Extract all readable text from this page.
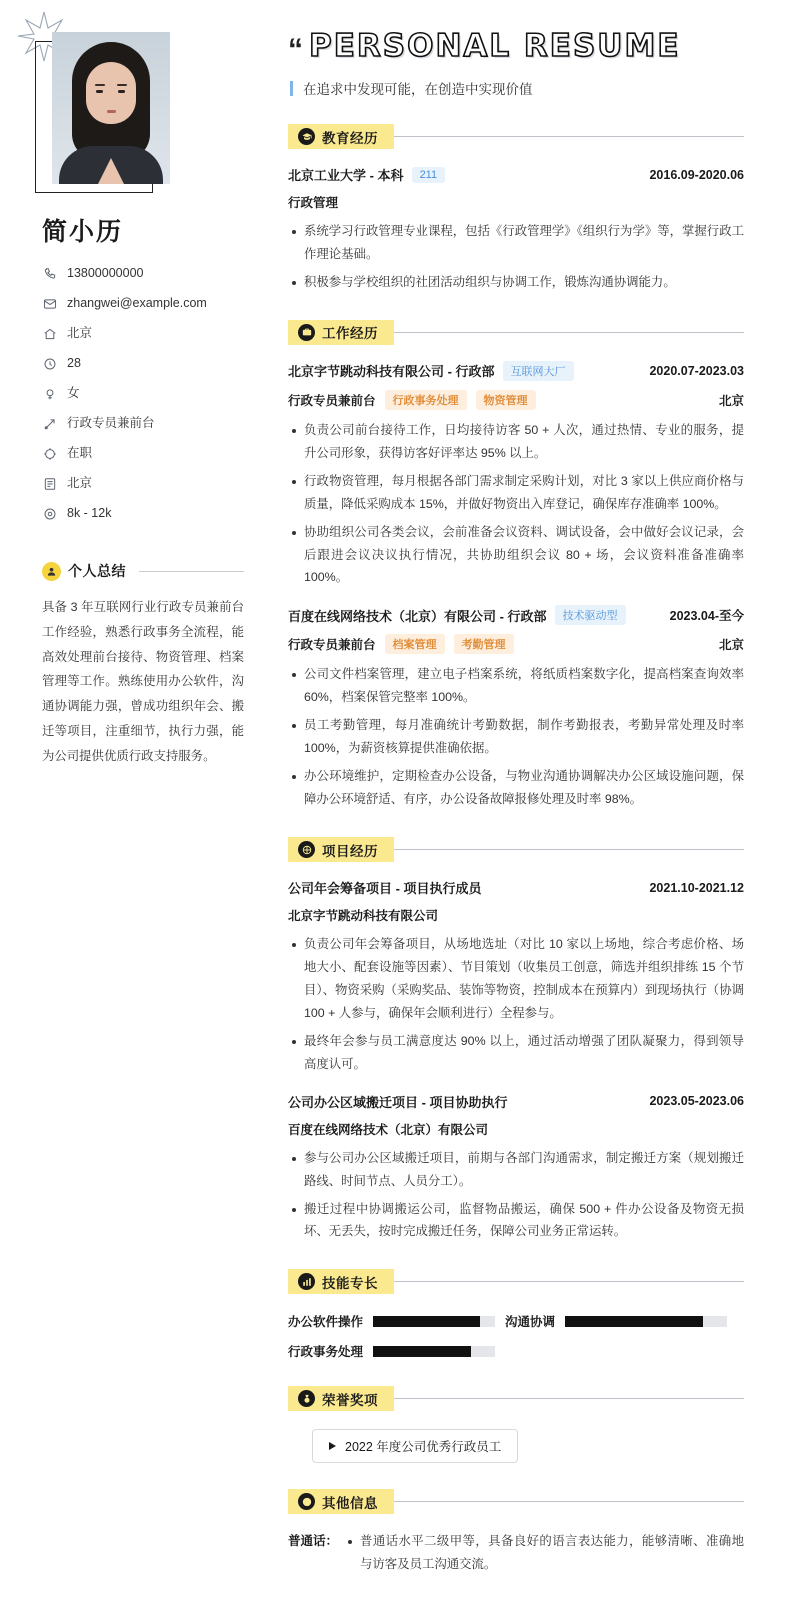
简小历
13800000000
zhangwei@example.com
北京
28
女
行政专员兼前台
在职
北京
8k - 12k
个人总结
具备 3 年互联网行业行政专员兼前台工作经验，熟悉行政事务全流程，能高效处理前台接待、物资管理、档案管理等工作。熟练使用办公软件，沟通协调能力强，曾成功组织年会、搬迁等项目，注重细节，执行力强，能为公司提供优质行政支持服务。
“ PERSONAL RESUME
在追求中发现可能，在创造中实现价值
教育经历
北京工业大学 - 本科	211	2016.09-2020.06
行政管理
系统学习行政管理专业课程，包括《行政管理学》《组织行为学》等，掌握行政工作理论基础。
积极参与学校组织的社团活动组织与协调工作，锻炼沟通协调能力。
工作经历
北京字节跳动科技有限公司 - 行政部	互联网大厂	2020.07-2023.03
行政专员兼前台	行政事务处理	物资管理	北京
负责公司前台接待工作，日均接待访客 50 + 人次，通过热情、专业的服务，提升公司形象，获得访客好评率达 95% 以上。
行政物资管理，每月根据各部门需求制定采购计划，对比 3 家以上供应商价格与质量，降低采购成本 15%，并做好物资出入库登记，确保库存准确率 100%。
协助组织公司各类会议，会前准备会议资料、调试设备，会中做好会议记录，会后跟进会议决议执行情况，共协助组织会议 80 + 场，会议资料准备准确率 100%。
百度在线网络技术（北京）有限公司 - 行政部	技术驱动型	2023.04-至今
行政专员兼前台	档案管理	考勤管理	北京
公司文件档案管理，建立电子档案系统，将纸质档案数字化，提高档案查询效率 60%，档案保管完整率 100%。
员工考勤管理，每月准确统计考勤数据，制作考勤报表，考勤异常处理及时率 100%，为薪资核算提供准确依据。
办公环境维护，定期检查办公设备，与物业沟通协调解决办公区域设施问题，保障办公环境舒适、有序，办公设备故障报修处理及时率 98%。
项目经历
公司年会筹备项目 - 项目执行成员	2021.10-2021.12
北京字节跳动科技有限公司
负责公司年会筹备项目，从场地选址（对比 10 家以上场地，综合考虑价格、场地大小、配套设施等因素）、节目策划（收集员工创意，筛选并组织排练 15 个节目）、物资采购（采购奖品、装饰等物资，控制成本在预算内）到现场执行（协调 100 + 人参与，确保年会顺利进行）全程参与。
最终年会参与员工满意度达 90% 以上，通过活动增强了团队凝聚力，得到领导高度认可。
公司办公区域搬迁项目 - 项目协助执行	2023.05-2023.06
百度在线网络技术（北京）有限公司
参与公司办公区域搬迁项目，前期与各部门沟通需求，制定搬迁方案（规划搬迁路线、时间节点、人员分工）。
搬迁过程中协调搬运公司，监督物品搬运，确保 500 + 件办公设备及物资无损坏、无丢失，按时完成搬迁任务，保障公司业务正常运转。
技能专长
办公软件操作	沟通协调
行政事务处理
荣誉奖项
2022 年度公司优秀行政员工
其他信息
普通话： 普通话水平二级甲等，具备良好的语言表达能力，能够清晰、准确地与访客及员工沟通交流。
